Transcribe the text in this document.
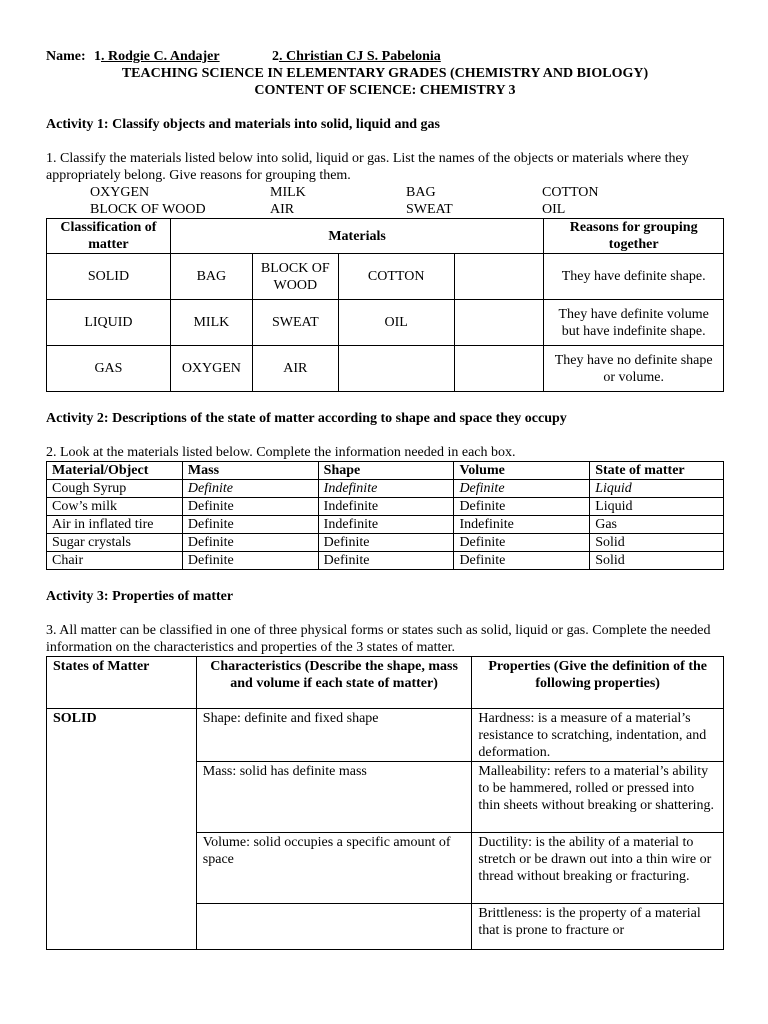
Name: 1. Rodgie C. Andajer	2. Christian CJ S. Pabelonia
TEACHING SCIENCE IN ELEMENTARY GRADES (CHEMISTRY AND BIOLOGY)
CONTENT OF SCIENCE: CHEMISTRY 3
Activity 1: Classify objects and materials into solid, liquid and gas

1. Classify the materials listed below into solid, liquid or gas. List the names of the objects or materials where they appropriately belong. Give reasons for grouping them.

OXYGEN	MILK	BAG	COTTON
BLOCK OF WOOD	AIR	SWEAT	OIL
Classification of matter	Materials				Reasons for grouping together
SOLID	BAG	BLOCK OF WOOD	COTTON		They have definite shape.
LIQUID	MILK	SWEAT	OIL		They have definite volume but have indefinite shape.
GAS	OXYGEN	AIR			They have no definite shape or volume.
Activity 2: Descriptions of the state of matter according to shape and space they occupy

2. Look at the materials listed below. Complete the information needed in each box.

Material/Object	Mass	Shape	Volume	State of matter
Cough Syrup	Definite	Indefinite	Definite	Liquid
Cow’s milk	Definite	Indefinite	Definite	Liquid
Air in inflated tire	Definite	Indefinite	Indefinite	Gas
Sugar crystals	Definite	Definite	Definite	Solid
Chair	Definite	Definite	Definite	Solid
Activity 3: Properties of matter

3. All matter can be classified in one of three physical forms or states such as solid, liquid or gas. Complete the needed information on the characteristics and properties of the 3 states of matter.

States of Matter	Characteristics (Describe the shape, mass and volume if each state of matter)	Properties (Give the definition of the following properties)
SOLID	Shape: definite and fixed shape	Hardness: is a measure of a material’s resistance to scratching, indentation, and deformation.
	Mass: solid has definite mass	Malleability: refers to a material’s ability to be hammered, rolled or pressed into thin sheets without breaking or shattering.
	Volume: solid occupies a specific amount of space	Ductility: is the ability of a material to stretch or be drawn out into a thin wire or thread without breaking or fracturing.
		Brittleness: is the property of a material that is prone to fracture or
